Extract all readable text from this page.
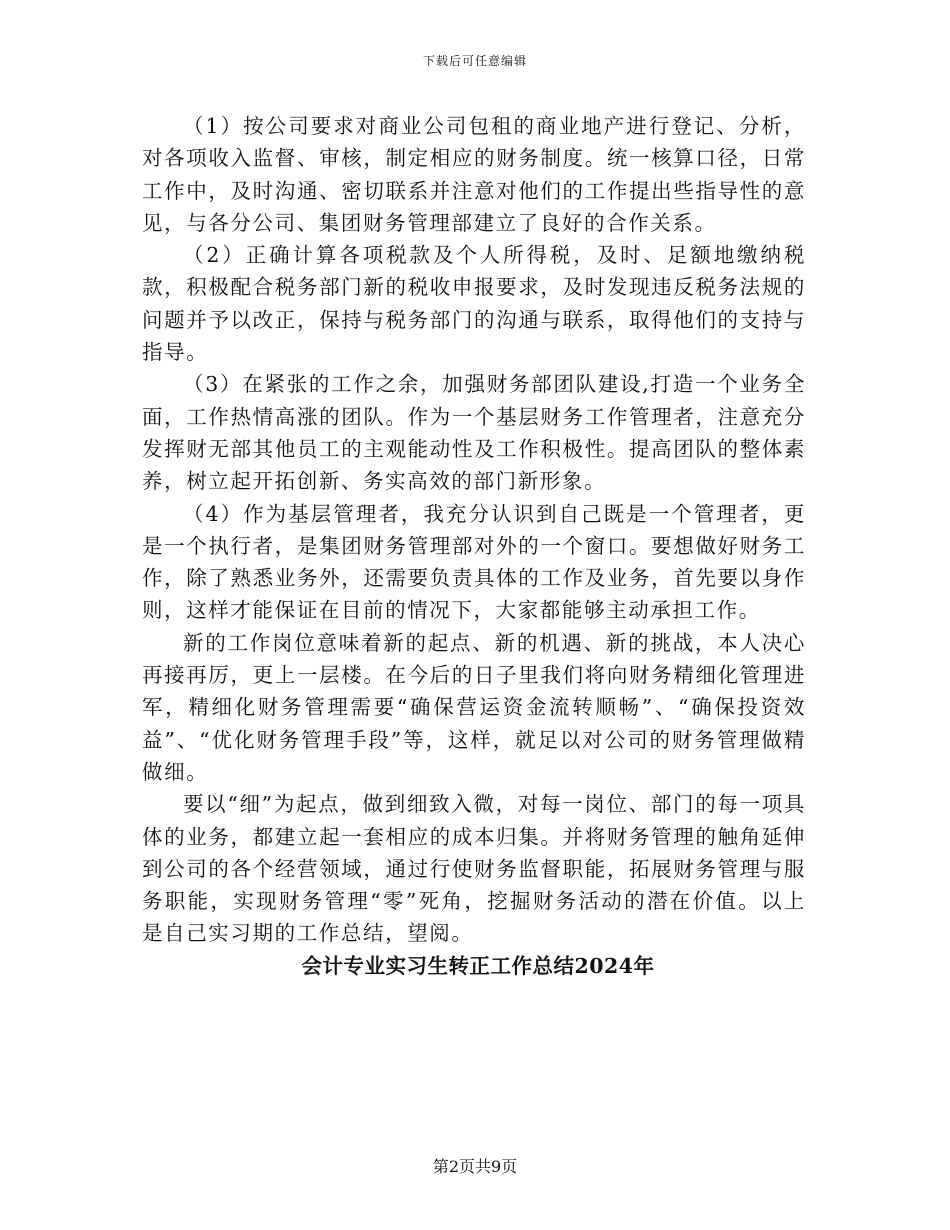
下载后可任意编辑

（1）按公司要求对商业公司包租的商业地产进行登记、分析，对各项收入监督、审核，制定相应的财务制度。统一核算口径，日常工作中，及时沟通、密切联系并注意对他们的工作提出些指导性的意见，与各分公司、集团财务管理部建立了良好的合作关系。

（2）正确计算各项税款及个人所得税，及时、足额地缴纳税款，积极配合税务部门新的税收申报要求，及时发现违反税务法规的问题并予以改正，保持与税务部门的沟通与联系，取得他们的支持与指导。

（3）在紧张的工作之余，加强财务部团队建设,打造一个业务全面，工作热情高涨的团队。作为一个基层财务工作管理者，注意充分发挥财无部其他员工的主观能动性及工作积极性。提高团队的整体素养，树立起开拓创新、务实高效的部门新形象。

（4）作为基层管理者，我充分认识到自己既是一个管理者，更是一个执行者，是集团财务管理部对外的一个窗口。要想做好财务工作，除了熟悉业务外，还需要负责具体的工作及业务，首先要以身作则，这样才能保证在目前的情况下，大家都能够主动承担工作。

新的工作岗位意味着新的起点、新的机遇、新的挑战，本人决心再接再厉，更上一层楼。在今后的日子里我们将向财务精细化管理进军，精细化财务管理需要“确保营运资金流转顺畅”、“确保投资效益”、“优化财务管理手段”等，这样，就足以对公司的财务管理做精做细。

要以“细”为起点，做到细致入微，对每一岗位、部门的每一项具体的业务，都建立起一套相应的成本归集。并将财务管理的触角延伸到公司的各个经营领域，通过行使财务监督职能，拓展财务管理与服务职能，实现财务管理“零”死角，挖掘财务活动的潜在价值。以上是自己实习期的工作总结，望阅。

会计专业实习生转正工作总结2024年
第2页共9页
